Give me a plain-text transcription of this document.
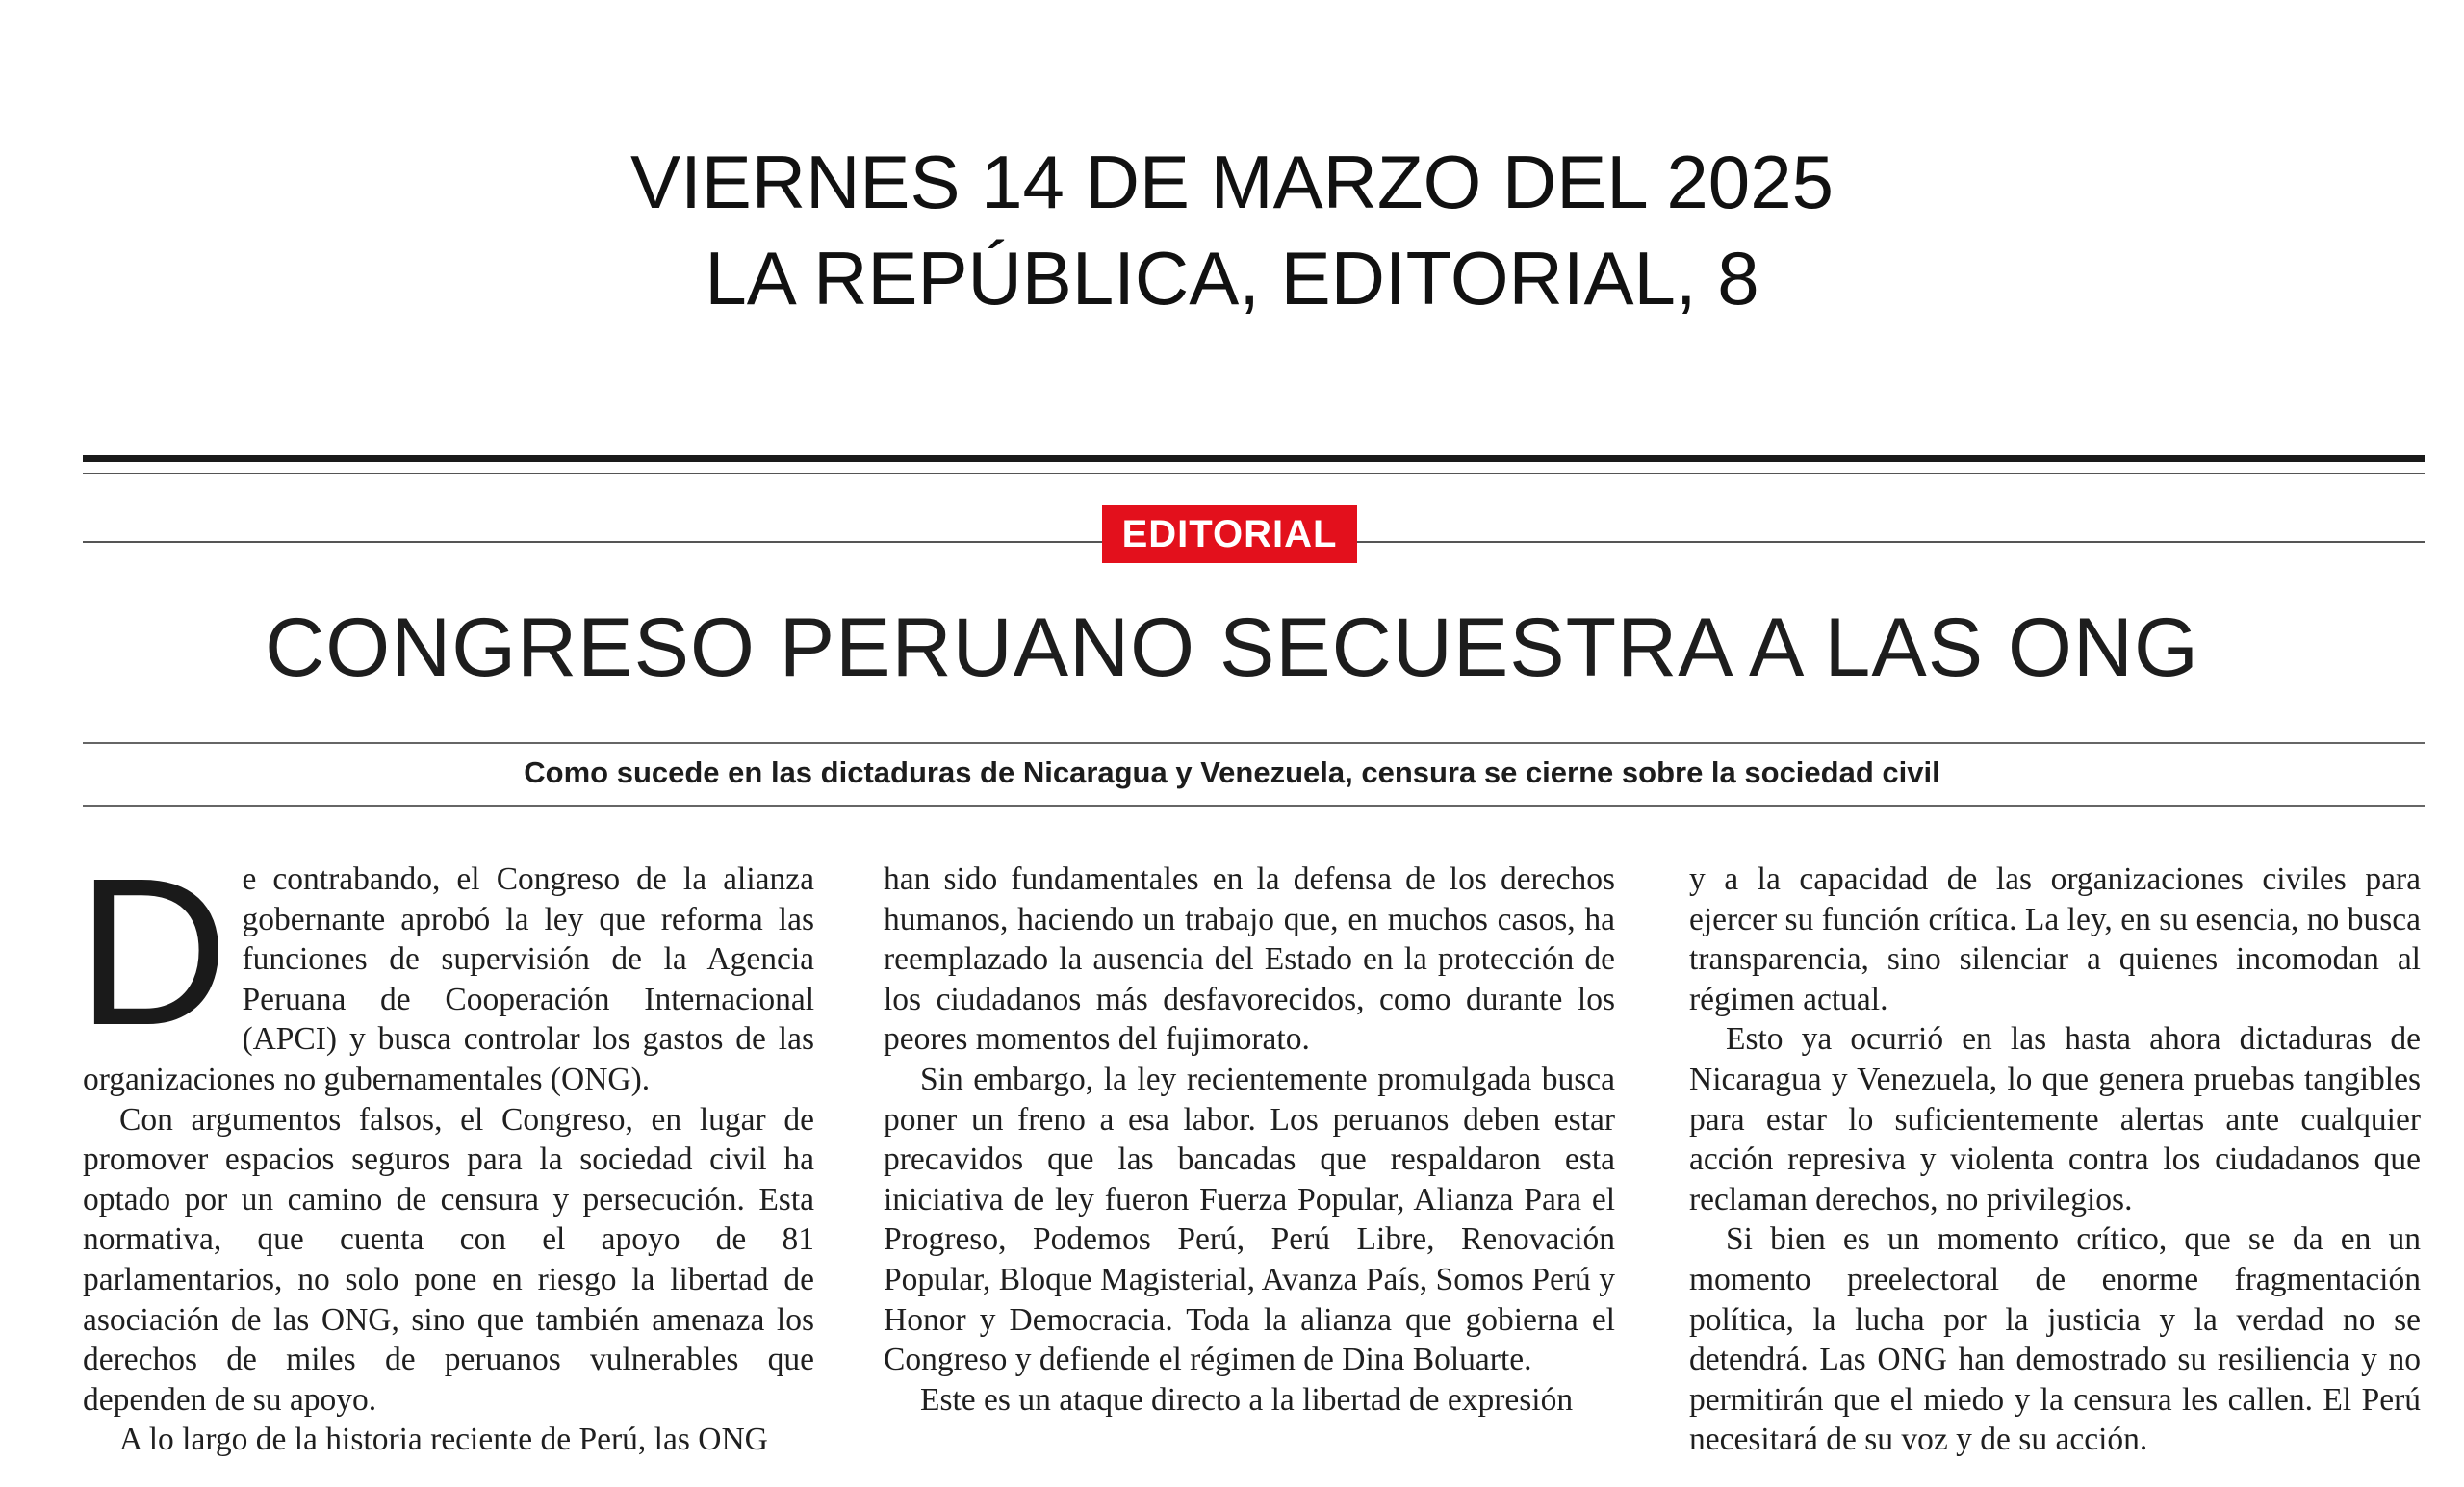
VIERNES 14 DE MARZO DEL 2025
LA REPÚBLICA, EDITORIAL, 8
EDITORIAL
CONGRESO PERUANO SECUESTRA A LAS ONG
Como sucede en las dictaduras de Nicaragua y Venezuela, censura se cierne sobre la sociedad civil

De contrabando, el Congreso de la alianza gobernante aprobó la ley que reforma las funciones de supervisión de la Agencia Peruana de Cooperación Internacional (APCI) y busca controlar los gastos de las organizaciones no gubernamentales (ONG).

Con argumentos falsos, el Congreso, en lugar de promover espacios seguros para la sociedad civil ha optado por un camino de censura y persecución. Esta normativa, que cuenta con el apoyo de 81 parlamentarios, no solo pone en riesgo la libertad de asociación de las ONG, sino que también amenaza los derechos de miles de peruanos vulnerables que dependen de su apoyo.

A lo largo de la historia reciente de Perú, las ONG

han sido fundamentales en la defensa de los derechos humanos, haciendo un trabajo que, en muchos casos, ha reemplazado la ausencia del Estado en la protección de los ciudadanos más desfavorecidos, como durante los peores momentos del fujimorato.

Sin embargo, la ley recientemente promulgada busca poner un freno a esa labor. Los peruanos deben estar precavidos que las bancadas que respaldaron esta iniciativa de ley fueron Fuerza Popular, Alianza Para el Progreso, Podemos Perú, Perú Libre, Renovación Popular, Bloque Magisterial, Avanza País, Somos Perú y Honor y Democracia. Toda la alianza que gobierna el Congreso y defiende el régimen de Dina Boluarte.

Este es un ataque directo a la libertad de expresión

y a la capacidad de las organizaciones civiles para ejercer su función crítica. La ley, en su esencia, no busca transparencia, sino silenciar a quienes incomodan al régimen actual.

Esto ya ocurrió en las hasta ahora dictaduras de Nicaragua y Venezuela, lo que genera pruebas tangibles para estar lo suficientemente alertas ante cualquier acción represiva y violenta contra los ciudadanos que reclaman derechos, no privilegios.

Si bien es un momento crítico, que se da en un momento preelectoral de enorme fragmentación política, la lucha por la justicia y la verdad no se detendrá. Las ONG han demostrado su resiliencia y no permitirán que el miedo y la censura les callen. El Perú necesitará de su voz y de su acción.
